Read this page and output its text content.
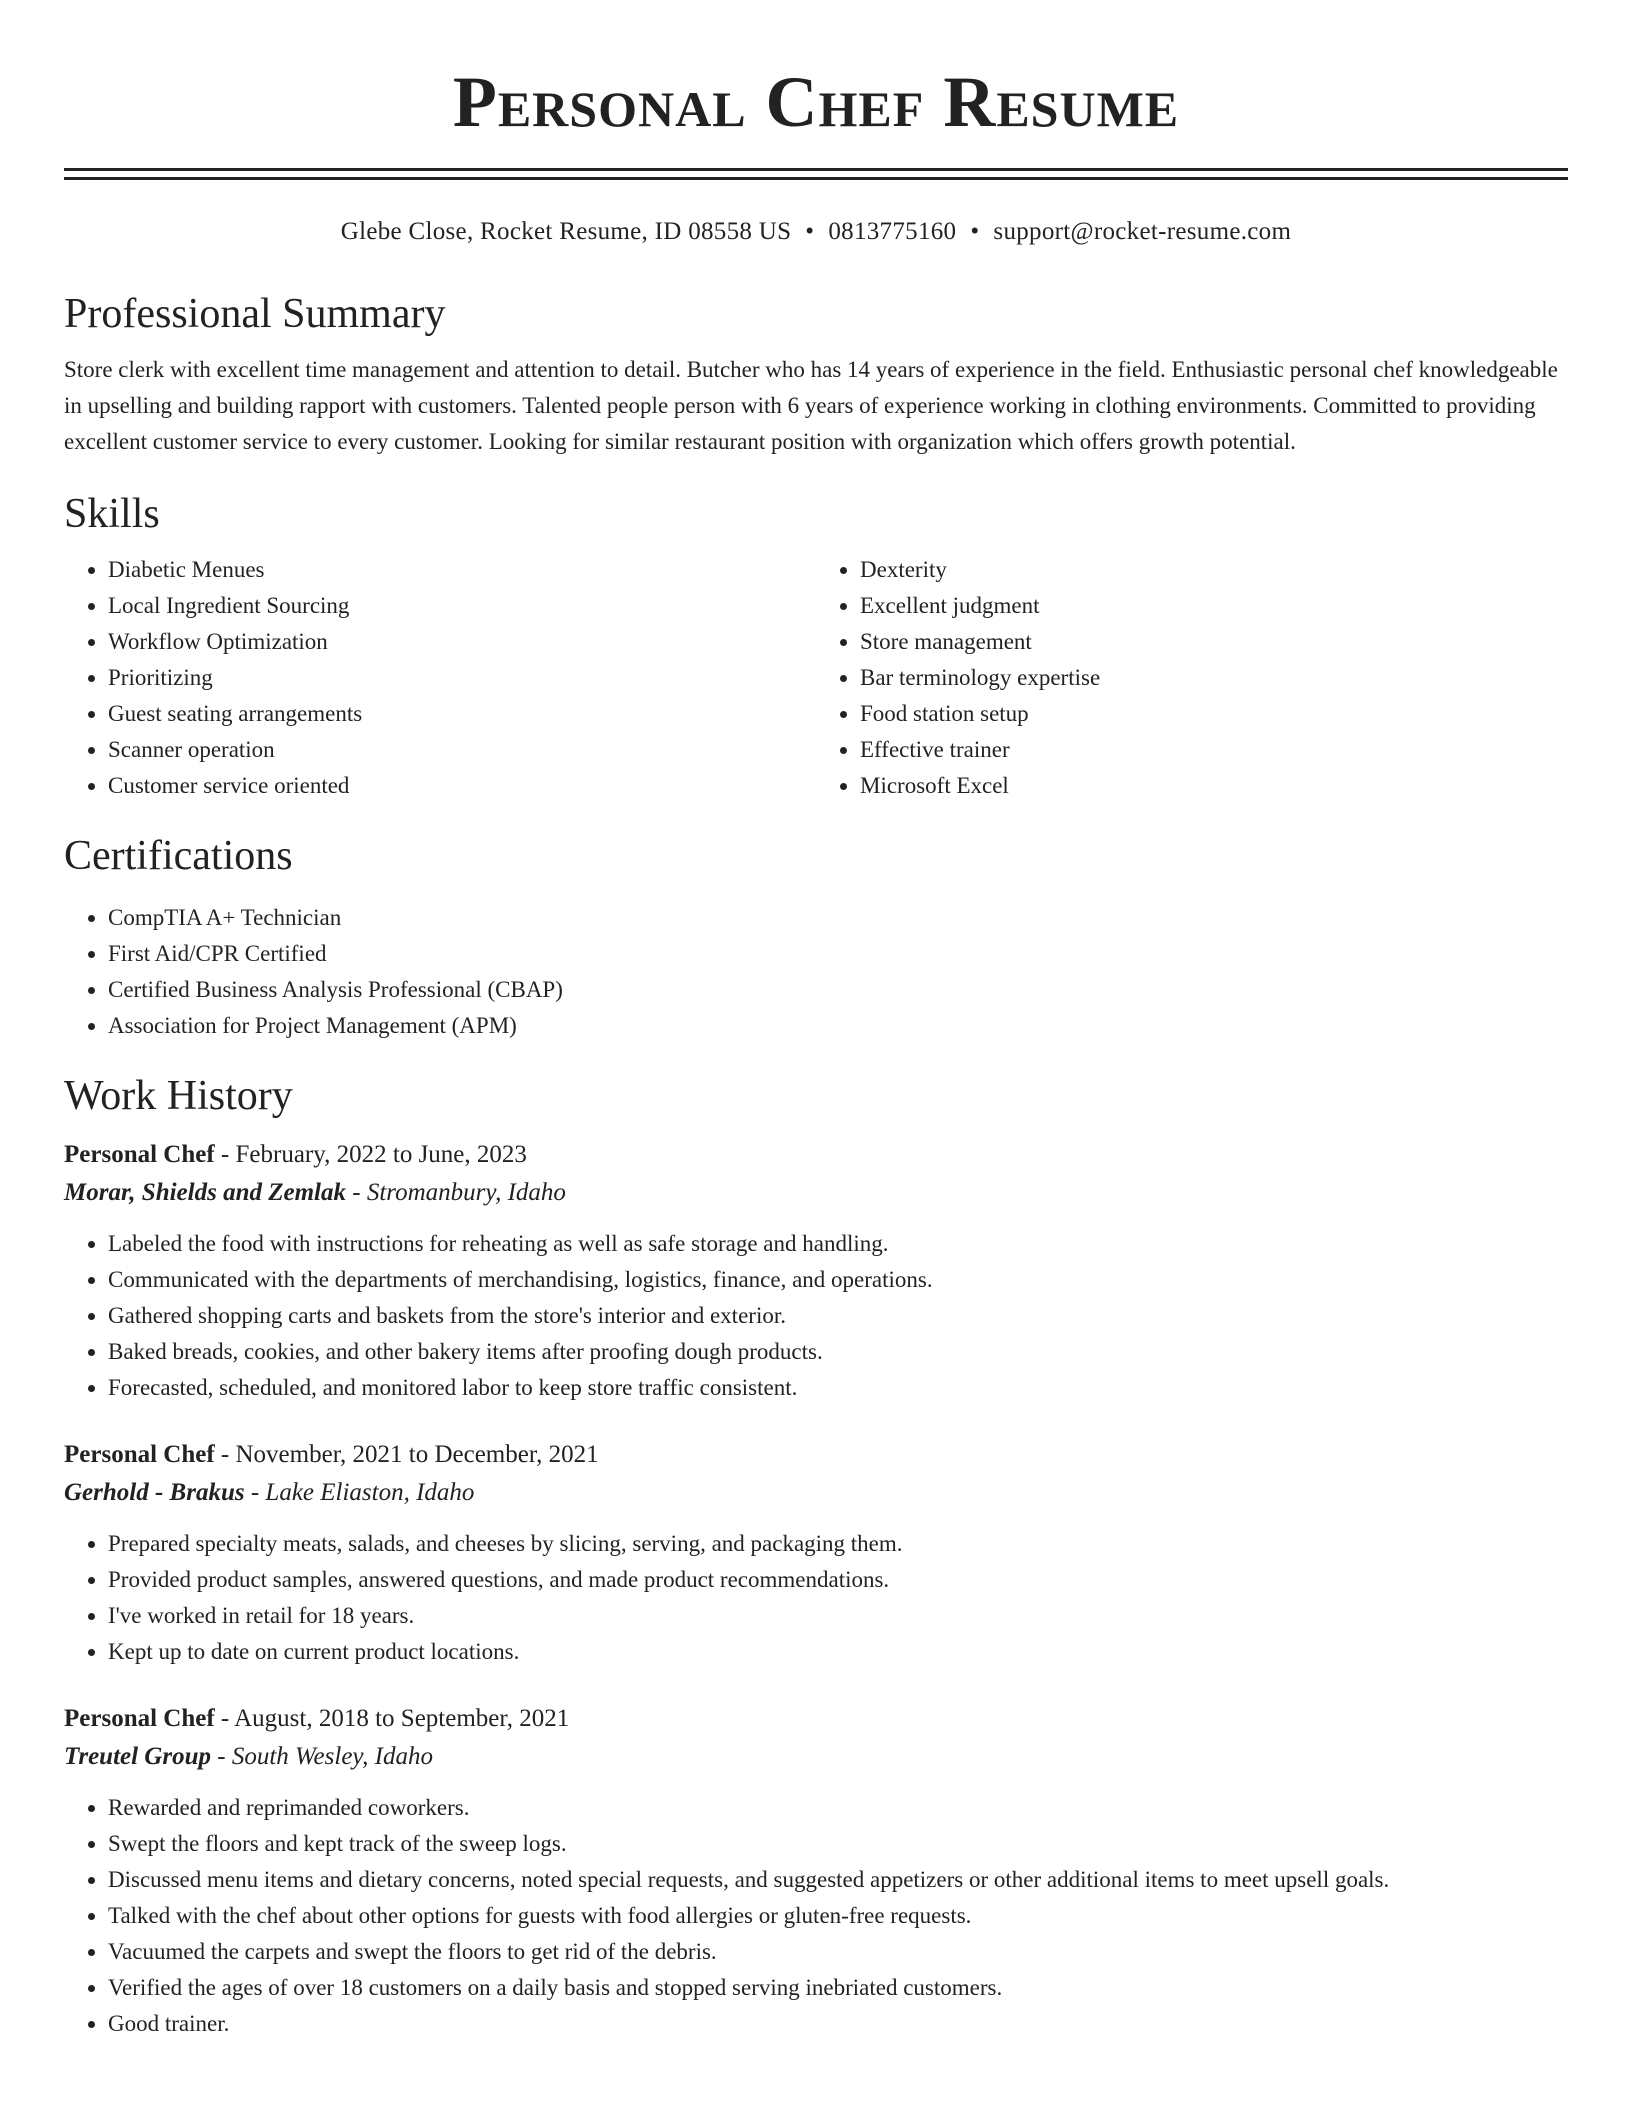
Personal Chef Resume
Glebe Close, Rocket Resume, ID 08558 US • 0813775160 • support@rocket-resume.com
Professional Summary
Store clerk with excellent time management and attention to detail. Butcher who has 14 years of experience in the field. Enthusiastic personal chef knowledgeable in upselling and building rapport with customers. Talented people person with 6 years of experience working in clothing environments. Committed to providing excellent customer service to every customer. Looking for similar restaurant position with organization which offers growth potential.
Skills
• Diabetic Menues
• Local Ingredient Sourcing
• Workflow Optimization
• Prioritizing
• Guest seating arrangements
• Scanner operation
• Customer service oriented
• Dexterity
• Excellent judgment
• Store management
• Bar terminology expertise
• Food station setup
• Effective trainer
• Microsoft Excel
Certifications
• CompTIA A+ Technician
• First Aid/CPR Certified
• Certified Business Analysis Professional (CBAP)
• Association for Project Management (APM)
Work History
Personal Chef - February, 2022 to June, 2023
Morar, Shields and Zemlak - Stromanbury, Idaho
• Labeled the food with instructions for reheating as well as safe storage and handling.
• Communicated with the departments of merchandising, logistics, finance, and operations.
• Gathered shopping carts and baskets from the store's interior and exterior.
• Baked breads, cookies, and other bakery items after proofing dough products.
• Forecasted, scheduled, and monitored labor to keep store traffic consistent.
Personal Chef - November, 2021 to December, 2021
Gerhold - Brakus - Lake Eliaston, Idaho
• Prepared specialty meats, salads, and cheeses by slicing, serving, and packaging them.
• Provided product samples, answered questions, and made product recommendations.
• I've worked in retail for 18 years.
• Kept up to date on current product locations.
Personal Chef - August, 2018 to September, 2021
Treutel Group - South Wesley, Idaho
• Rewarded and reprimanded coworkers.
• Swept the floors and kept track of the sweep logs.
• Discussed menu items and dietary concerns, noted special requests, and suggested appetizers or other additional items to meet upsell goals.
• Talked with the chef about other options for guests with food allergies or gluten-free requests.
• Vacuumed the carpets and swept the floors to get rid of the debris.
• Verified the ages of over 18 customers on a daily basis and stopped serving inebriated customers.
• Good trainer.
